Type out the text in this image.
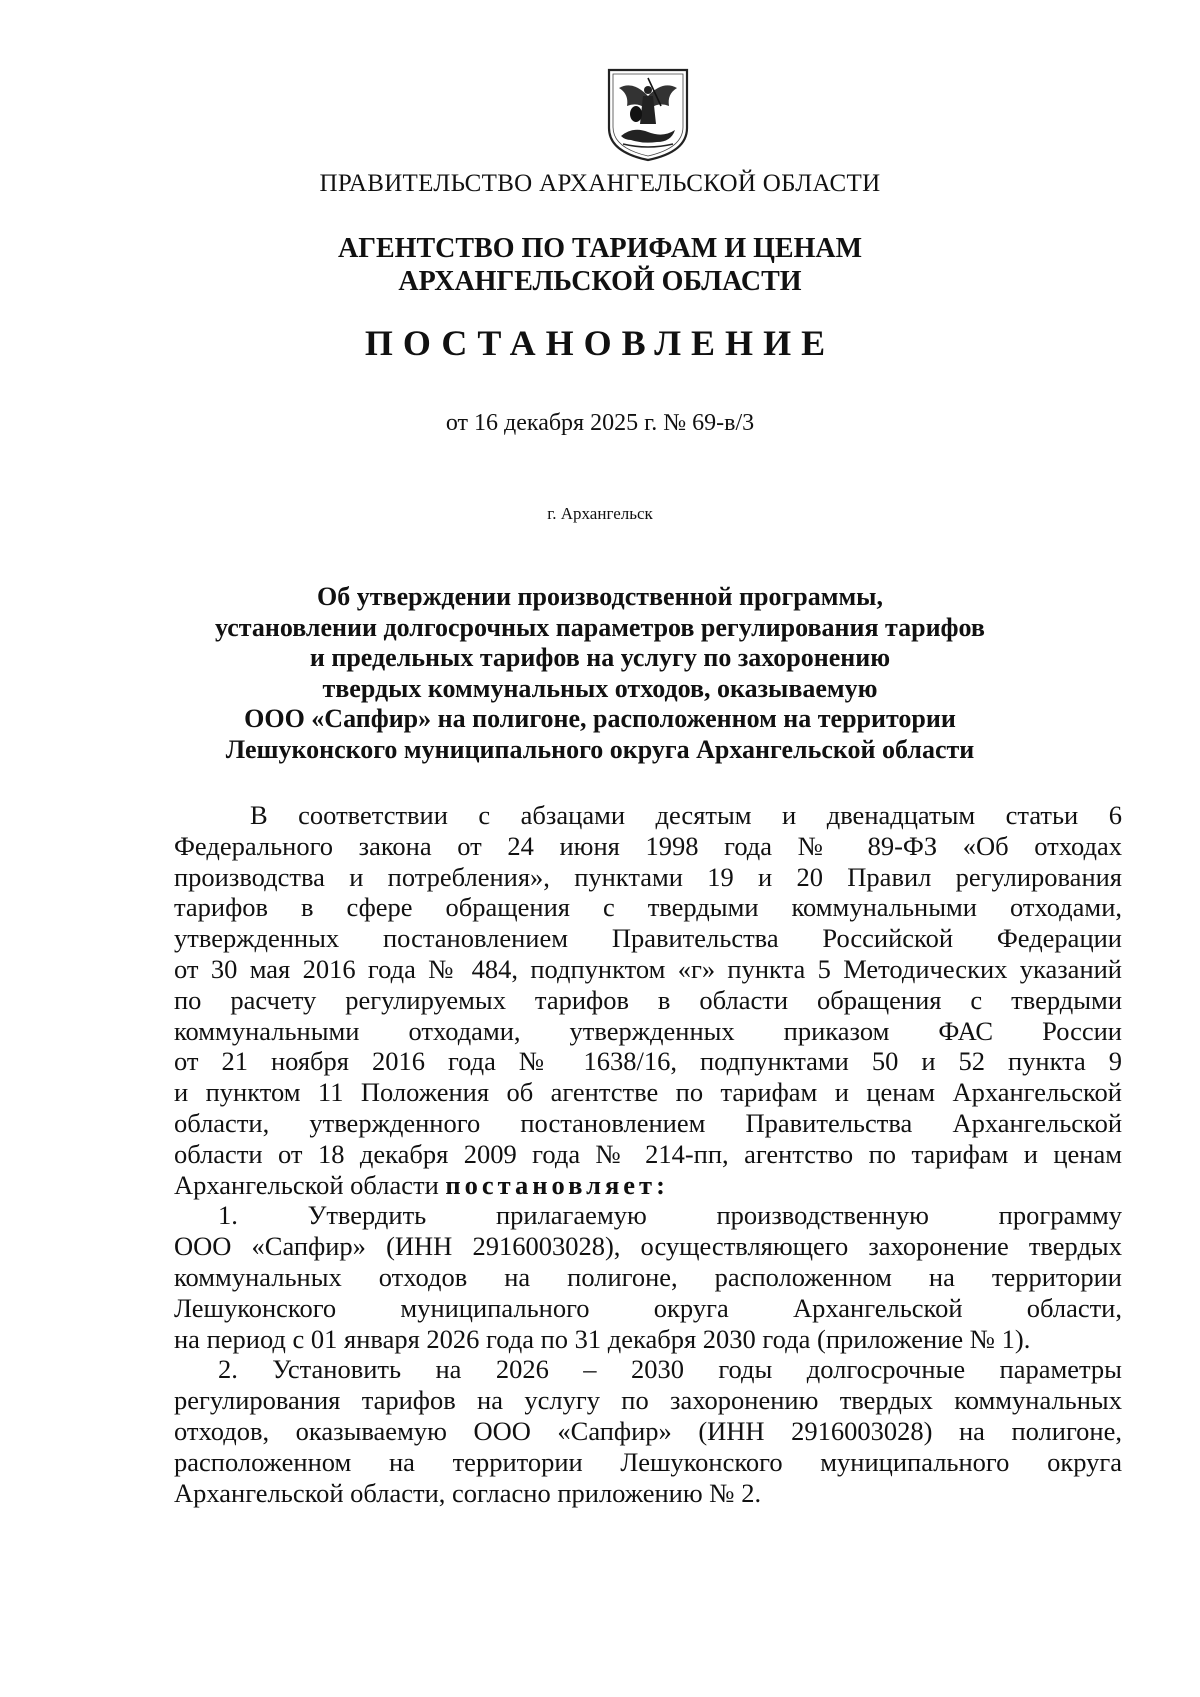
ПРАВИТЕЛЬСТВО АРХАНГЕЛЬСКОЙ ОБЛАСТИ
АГЕНТСТВО ПО ТАРИФАМ И ЦЕНАМ
АРХАНГЕЛЬСКОЙ ОБЛАСТИ
ПОСТАНОВЛЕНИЕ
от 16 декабря 2025 г. № 69-в/3
г. Архангельск
Об утверждении производственной программы,
установлении долгосрочных параметров регулирования тарифов
и предельных тарифов на услугу по захоронению
твердых коммунальных отходов, оказываемую
ООО «Сапфир» на полигоне, расположенном на территории
Лешуконского муниципального округа Архангельской области

В соответствии с абзацами десятым и двенадцатым статьи 6

Федерального закона от 24 июня 1998 года № 89-ФЗ «Об отходах

производства и потребления», пунктами 19 и 20 Правил регулирования

тарифов в сфере обращения с твердыми коммунальными отходами,

утвержденных постановлением Правительства Российской Федерации

от 30 мая 2016 года № 484, подпунктом «г» пункта 5 Методических указаний

по расчету регулируемых тарифов в области обращения с твердыми

коммунальными отходами, утвержденных приказом ФАС России

от 21 ноября 2016 года № 1638/16, подпунктами 50 и 52 пункта 9

и пунктом 11 Положения об агентстве по тарифам и ценам Архангельской

области, утвержденного постановлением Правительства Архангельской

области от 18 декабря 2009 года № 214-пп, агентство по тарифам и ценам

Архангельской области постановляет:

1. Утвердить прилагаемую производственную программу

ООО «Сапфир» (ИНН 2916003028), осуществляющего захоронение твердых

коммунальных отходов на полигоне, расположенном на территории

Лешуконского муниципального округа Архангельской области,

на период с 01 января 2026 года по 31 декабря 2030 года (приложение № 1).

2. Установить на 2026 – 2030 годы долгосрочные параметры

регулирования тарифов на услугу по захоронению твердых коммунальных

отходов, оказываемую ООО «Сапфир» (ИНН 2916003028) на полигоне,

расположенном на территории Лешуконского муниципального округа

Архангельской области, согласно приложению № 2.
